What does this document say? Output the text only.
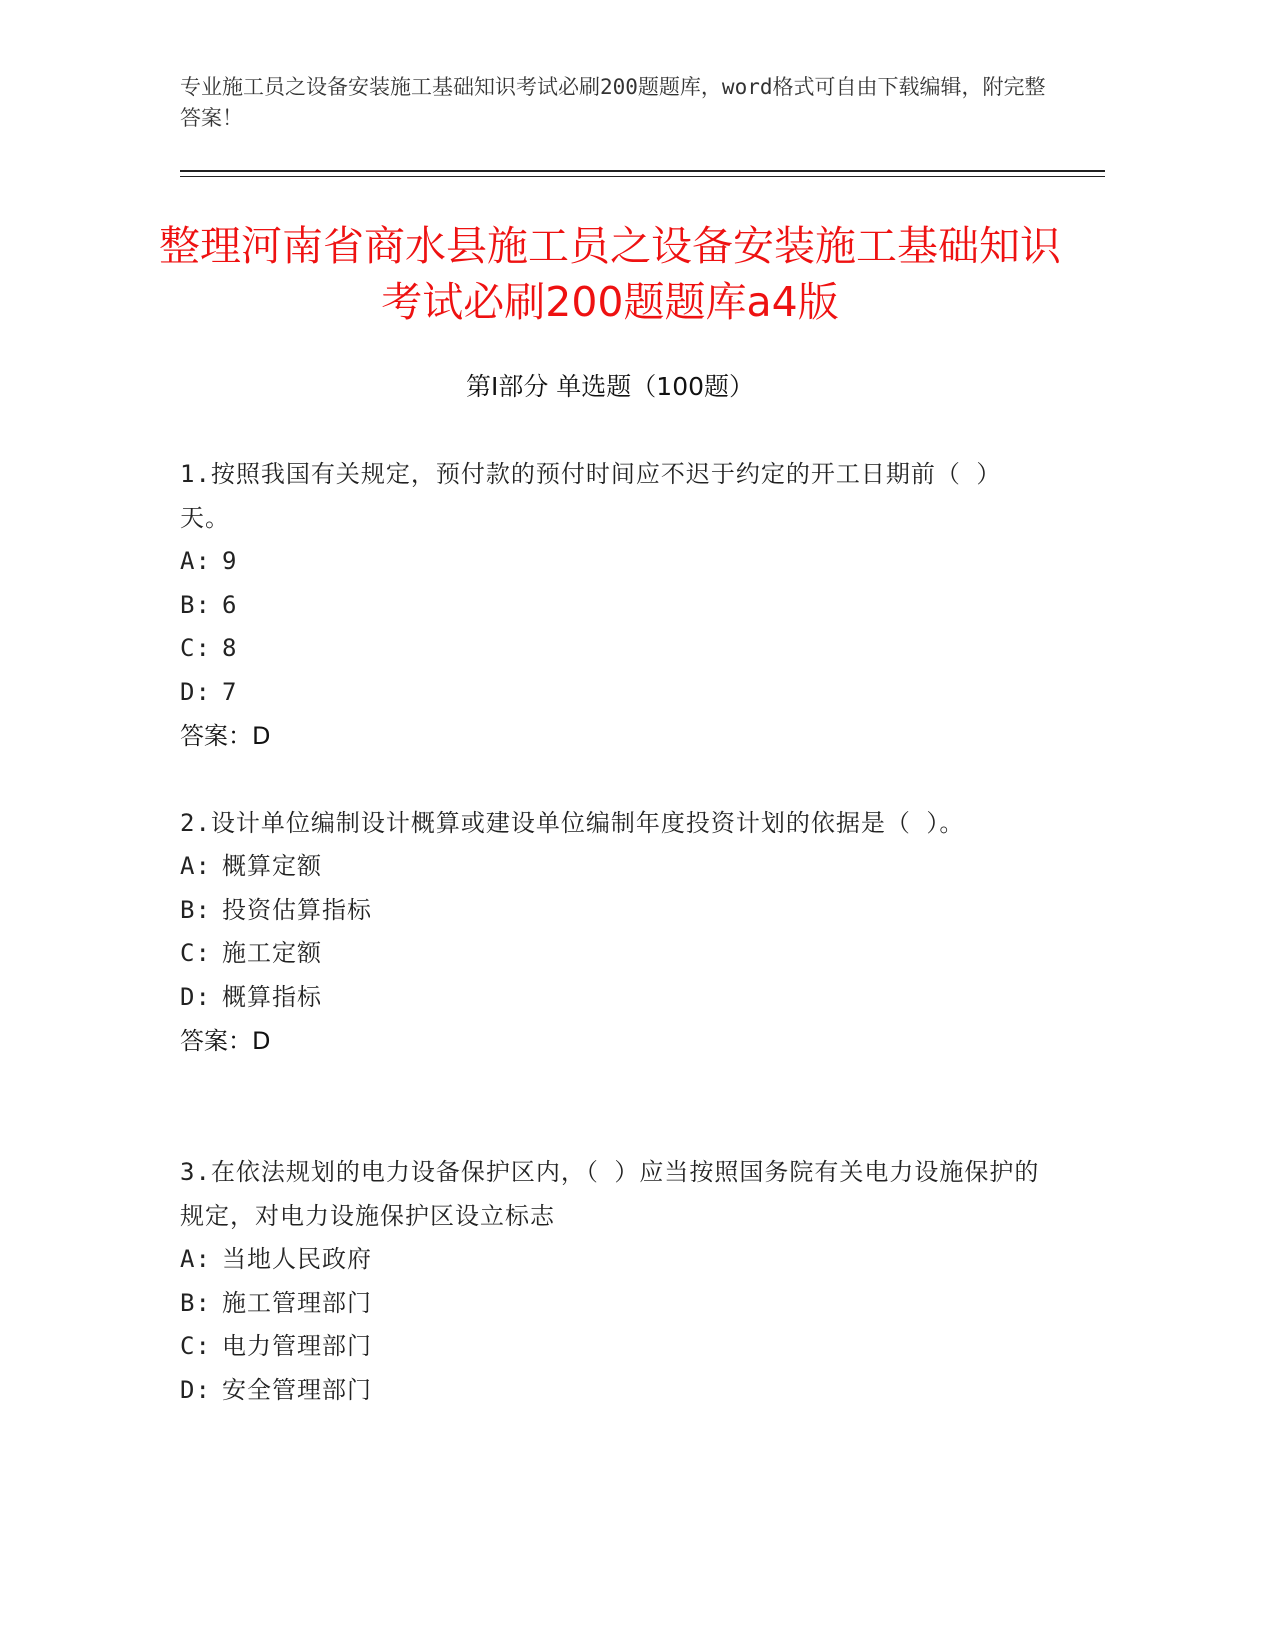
专业施工员之设备安装施工基础知识考试必刷200题题库，word格式可自由下载编辑，附完整答案！
整理河南省商水县施工员之设备安装施工基础知识考试必刷200题题库a4版
第I部分 单选题（100题）

1.按照我国有关规定，预付款的预付时间应不迟于约定的开工日期前（ ）天。

A: 9

B: 6

C: 8

D: 7

答案：D

2.设计单位编制设计概算或建设单位编制年度投资计划的依据是（ ）。

A: 概算定额

B: 投资估算指标

C: 施工定额

D: 概算指标

答案：D

3.在依法规划的电力设备保护区内，（ ）应当按照国务院有关电力设施保护的规定，对电力设施保护区设立标志

A: 当地人民政府

B: 施工管理部门

C: 电力管理部门

D: 安全管理部门
